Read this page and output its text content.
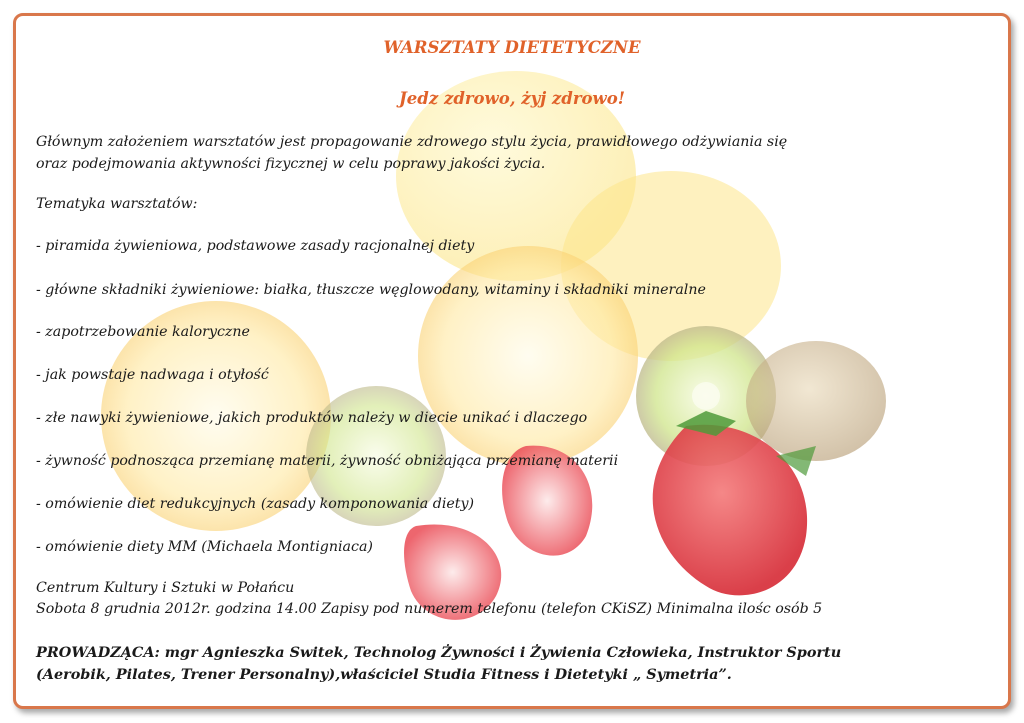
WARSZTATY DIETETYCZNE
Jedz zdrowo, żyj zdrowo!
Głównym założeniem warsztatów jest propagowanie zdrowego stylu życia, prawidłowego odżywiania się
oraz podejmowania aktywności fizycznej w celu poprawy jakości życia.
Tematyka warsztatów:
- piramida żywieniowa, podstawowe zasady racjonalnej diety
- główne składniki żywieniowe: białka, tłuszcze węglowodany, witaminy i składniki mineralne
- zapotrzebowanie kaloryczne
- jak powstaje nadwaga i otyłość
- złe nawyki żywieniowe, jakich produktów należy w diecie unikać i dlaczego
- żywność podnosząca przemianę materii, żywność obniżająca przemianę materii
- omówienie diet redukcyjnych (zasady komponowania diety)
- omówienie diety MM (Michaela Montigniaca)
Centrum Kultury i Sztuki w Połańcu
Sobota 8 grudnia 2012r. godzina 14.00 Zapisy pod numerem telefonu (telefon CKiSZ) Minimalna ilośc osób 5
PROWADZĄCA: mgr Agnieszka Switek, Technolog Żywności i Żywienia Człowieka, Instruktor Sportu
(Aerobik, Pilates, Trener Personalny),właściciel Studia Fitness i Dietetyki „ Symetria”.
